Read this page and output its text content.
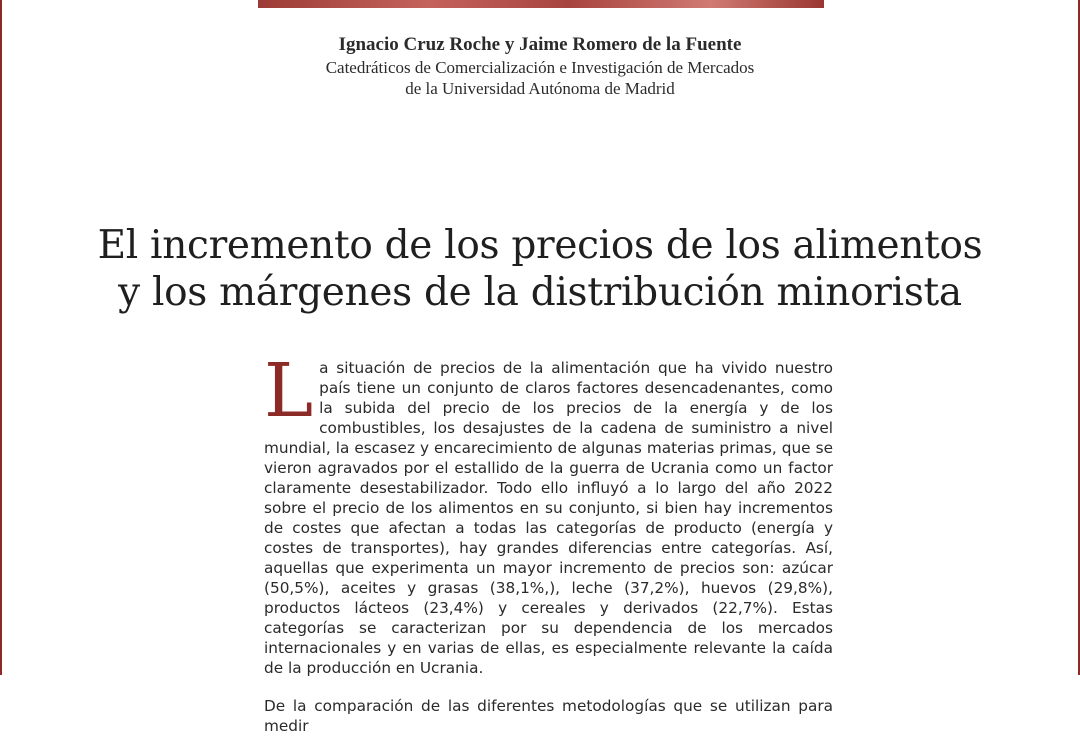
Ignacio Cruz Roche y Jaime Romero de la Fuente
Catedráticos de Comercialización e Investigación de Mercados
de la Universidad Autónoma de Madrid
El incremento de los precios de los alimentos
y los márgenes de la distribución minorista

La situación de precios de la alimentación que ha vivido nuestro país tiene un conjunto de claros factores desencadenantes, como la subida del precio de los precios de la energía y de los combustibles, los desajustes de la cadena de suministro a nivel mundial, la escasez y encarecimiento de algunas materias primas, que se vieron agravados por el estallido de la guerra de Ucrania como un factor claramente desestabilizador. Todo ello influyó a lo largo del año 2022 sobre el precio de los alimentos en su conjunto, si bien hay incrementos de costes que afectan a todas las categorías de producto (energía y costes de transportes), hay grandes diferencias entre categorías. Así, aquellas que experimenta un mayor incremento de precios son: azúcar (50,5%), aceites y grasas (38,1%,), leche (37,2%), huevos (29,8%), productos lácteos (23,4%) y cereales y derivados (22,7%). Estas categorías se caracterizan por su dependencia de los mercados internacionales y en varias de ellas, es especialmente relevante la caída de la producción en Ucrania.

De la comparación de las diferentes metodologías que se utilizan para medir
